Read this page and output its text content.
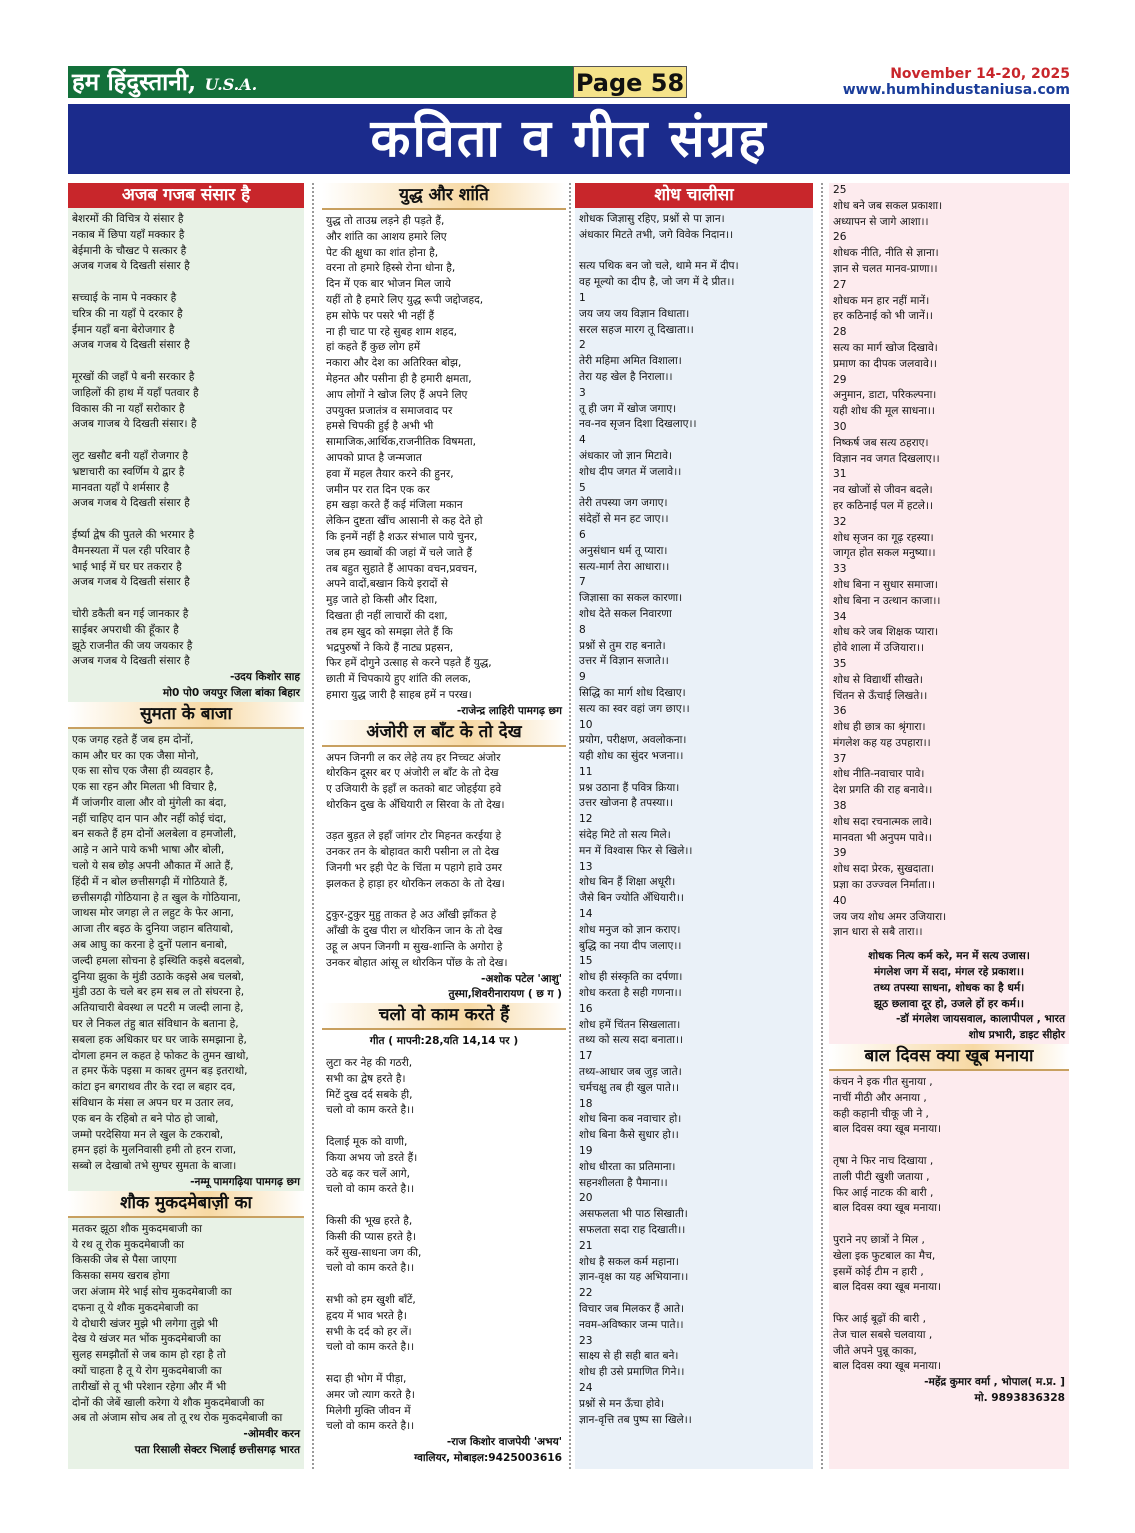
हम हिंदुस्तानी, U.S.A.	Page 58	November 14-20, 2025
www.humhindustaniusa.com
कविता व गीत संग्रह
अजब गजब संसार है
बेशरमों की विचित्र ये संसार है
नकाब में छिपा यहाँ मक्कार है
बेईमानी के चौखट पे सत्कार है
अजब गजब ये दिखती संसार है

सच्चाई के नाम पे नक्कार है
चरित्र की ना यहाँ पे दरकार है
ईमान यहाँ बना बेरोजगार है
अजब गजब ये दिखती संसार है

मूरखों की जहाँ पे बनी सरकार है
जाहिलों की हाथ में यहाँ पतवार है
विकास की ना यहाँ सरोकार है
अजब गाजब ये दिखती संसार। है

लुट खसौट बनी यहाँ रोजगार है
भ्रष्टाचारी का स्वर्णिम ये द्वार है
मानवता यहाँ पे शर्मसार है
अजब गजब ये दिखती संसार है

ईर्ष्या द्वेष की पुतले की भरमार है
वैमनस्यता में पल रही परिवार है
भाई भाई में घर घर तकरार है
अजब गजब ये दिखती संसार है

चोरी डकैती बन गई जानकार है
साईबर अपराधी की हूँकार है
झूठे राजनीत की जय जयकार है
अजब गजब ये दिखती संसार है
-उदय किशोर साह
मो0 पो0 जयपुर जिला बांका बिहार
सुमता के बाजा
एक जगह रहते हैं जब हम दोनों,
काम और घर का एक जैसा मोनो,
एक सा सोच एक जैसा ही व्यवहार है,
एक सा रहन और मिलता भी विचार है,
मैं जांजगीर वाला और वो मुंगेली का बंदा,
नहीं चाहिए दान पान और नहीं कोई चंदा,
बन सकते हैं हम दोनों अलबेला व हमजोली,
आड़े न आने पाये कभी भाषा और बोली,
चलो ये सब छोड़ अपनी औकात में आते हैं,
हिंदी में न बोल छत्तीसगढ़ी में गोठियाते हैं,
छत्तीसगढ़ी गोठियाना हे त खुल के गोठियाना,
जाथस मोर जगहा ले त लहुट के फेर आना,
आजा तीर बइठ के दुनिया जहान बतियाबो,
अब आघु का करना हे दुनों पलान बनाबो,
जल्दी हमला सोचना हे इस्थिति कइसे बदलबो,
दुनिया झुका के मुंडी उठाके कइसे अब चलबो,
मुंडी उठा के चले बर हम सब ल तो संघरना हे,
अतियाचारी बेवस्था ल पटरी म जल्दी लाना हे,
घर ले निकल तंहु बात संविधान के बताना हे,
सबला हक अधिकार घर घर जाके समझाना हे,
दोगला हमन ल कहत हे फोकट के तुमन खाथो,
त हमर फेंके पइसा म काबर तुमन बड़ इतराथो,
कांटा इन बगराथव तीर के रदा ल बहार दव,
संविधान के मंसा ल अपन घर म उतार लव,
एक बन के रहिबो त बने पोठ हो जाबो,
जम्मो परदेसिया मन ले खुल के टकराबो,
हमन इहां के मुलनिवासी हमी तो हरन राजा,
सब्बो ल देखाबो तभे सुग्घर सुमता के बाजा।
-नम्मू पामगढ़िया पामगढ़ छग
शौक मुकदमेबाज़ी का
मतकर झूठा शौक मुकदमबाजी का
ये रथ तू रोक मुकदमेबाजी का
किसकी जेब से पैसा जाएगा
किसका समय खराब होगा
जरा अंजाम मेरे भाई सोच मुकदमेबाजी का
दफना तू ये शौक मुकदमेबाजी का
ये दोधारी खंजर मुझे भी लगेगा तुझे भी
देख ये खंजर मत भोंक मुकदमेबाजी का
सुलह समझौतों से जब काम हो रहा है तो
क्यों चाहता है तू ये रोग मुकदमेबाजी का
तारीखों से तू भी परेशान रहेगा और मैं भी
दोनों की जेबें खाली करेगा ये शौक मुकदमेबाजी का
अब तो अंजाम सोच अब तो तू रथ रोक मुकदमेबाजी का
-ओमवीर करन
पता रिसाली सेक्टर भिलाई छत्तीसगढ़ भारत
युद्ध और शांति
युद्ध तो ताउम्र लड़ने ही पड़ते हैं,
और शांति का आशय हमारे लिए
पेट की क्षुधा का शांत होना है,
वरना तो हमारे हिस्से रोना धोना है,
दिन में एक बार भोजन मिल जाये
यहीं तो है हमारे लिए युद्ध रूपी जद्दोजहद,
हम सोफे पर पसरे भी नहीं हैं
ना ही चाट पा रहे सुबह शाम शहद,
हां कहते हैं कुछ लोग हमें
नकारा और देश का अतिरिक्त बोझ,
मेहनत और पसीना ही है हमारी क्षमता,
आप लोगों ने खोज लिए हैं अपने लिए
उपयुक्त प्रजातंत्र व समाजवाद पर
हमसे चिपकी हुई है अभी भी
सामाजिक,आर्थिक,राजनीतिक विषमता,
आपको प्राप्त है जन्मजात
हवा में महल तैयार करने की हुनर,
जमीन पर रात दिन एक कर
हम खड़ा करते हैं कई मंजिला मकान
लेकिन दुष्टता खींच आसानी से कह देते हो
कि इनमें नहीं है शऊर संभाल पाये चुनर,
जब हम ख्वाबों की जहां में चले जाते हैं
तब बहुत सुहाते हैं आपका वचन,प्रवचन,
अपने वादों,बखान किये इरादों से
मुड़ जाते हो किसी और दिशा,
दिखता ही नहीं लाचारों की दशा,
तब हम खुद को समझा लेते हैं कि
भद्रपुरुषों ने किये हैं नाट्य प्रहसन,
फिर हमें दोगुने उत्साह से करने पड़ते हैं युद्ध,
छाती में चिपकाये हुए शांति की ललक,
हमारा युद्ध जारी है साहब हमें न परख।
-राजेन्द्र लाहिरी पामगढ़ छग
अंजोरी ल बाँट के तो देख
अपन जिनगी ल कर लेहे तय हर निच्चट अंजोर
थोरकिन दूसर बर ए अंजोरी ल बाँट के तो देख
ए उजियारी के इहाँ ल कतको बाट जोहईया हवे
थोरकिन दुख के अँधियारी ल सिरवा के तो देख।

उड़त बुड़त ले इहाँ जांगर टोर मिहनत करईया हे
उनकर तन के बोहावत कारी पसीना ल तो देख
जिनगी भर इही पेट के चिंता म पहागे हावे उमर
झलकत हे हाड़ा हर थोरकिन लकठा के तो देख।

टुकुर-टुकुर मुहु ताकत हे अउ आँखी झाँकत हे
आँखी के दुख पीरा ल थोरकिन जान के तो देख
उहू ल अपन जिनगी म सुख-शान्ति के अगोरा हे
उनकर बोहात आंसू ल थोरकिन पोंछ के तो देख।
-अशोक पटेल 'आशु'
तुस्मा,शिवरीनारायण ( छ ग )
चलो वो काम करते हैं
गीत ( मापनी:28,यति 14,14 पर )
लुटा कर नेह की गठरी,
सभी का द्वेष हरते है।
मिटें दुख दर्द सबके ही,
चलो वो काम करते है।।

दिलाई मूक को वाणी,
किया अभय जो डरते हैं।
उठे बढ़ कर चलें आगे,
चलो वो काम करते है।।

किसी की भूख हरते है,
किसी की प्यास हरते है।
करें सुख-साधना जग की,
चलो वो काम करते है।।

सभी को हम खुशी बाँटें,
हृदय में भाव भरते है।
सभी के दर्द को हर लें।
चलो वो काम करते है।।

सदा ही भोग में पीड़ा,
अमर जो त्याग करते है।
मिलेगी मुक्ति जीवन में
चलो वो काम करते है।।
-राज किशोर वाजपेयी 'अभय'
ग्वालियर, मोबाइल:9425003616
शोध चालीसा
शोधक जिज्ञासु रहिए, प्रश्नों से पा ज्ञान।
अंधकार मिटते तभी, जगे विवेक निदान।।

सत्य पथिक बन जो चले, थामे मन में दीप।
वह मूल्यो का दीप है, जो जग में दे प्रीत।।
1
जय जय जय विज्ञान विधाता।
सरल सहज मारग तू दिखाता।।
2
तेरी महिमा अमित विशाला।
तेरा यह खेल है निराला।।
3
तू ही जग में खोज जगाए।
नव-नव सृजन दिशा दिखलाए।।
4
अंधकार जो ज्ञान मिटावे।
शोध दीप जगत में जलावे।।
5
तेरी तपस्या जग जगाए।
संदेहों से मन हट जाए।।
6
अनुसंधान धर्म तू प्यारा।
सत्य-मार्ग तेरा आधारा।।
7
जिज्ञासा का सकल कारणा।
शोध देते सकल निवारणा
8
प्रश्नों से तुम राह बनाते।
उत्तर में विज्ञान सजाते।।
9
सिद्धि का मार्ग शोध दिखाए।
सत्य का स्वर वहां जग छाए।।
10
प्रयोग, परीक्षण, अवलोकना।
यही शोध का सुंदर भजना।।
11
प्रश्न उठाना हैं पवित्र क्रिया।
उत्तर खोजना है तपस्या।।
12
संदेह मिटे तो सत्य मिले।
मन में विश्वास फिर से खिले।।
13
शोध बिन हैं शिक्षा अधूरी।
जैसे बिन ज्योति अँधियारी।।
14
शोध मनुज को ज्ञान कराए।
बुद्धि का नया दीप जलाए।।
15
शोध ही संस्कृति का दर्पणा।
शोध करता है सही गणना।।
16
शोध हमें चिंतन सिखलाता।
तथ्य को सत्य सदा बनाता।।
17
तथ्य-आधार जब जुड़ जाते।
चर्मचक्षु तब ही खुल पाते।।
18
शोध बिना कब नवाचार हो।
शोध बिना कैसे सुधार हो।।
19
शोध धीरता का प्रतिमाना।
सहनशीलता है पैमाना।।
20
असफलता भी पाठ सिखाती।
सफलता सदा राह दिखाती।।
21
शोध है सकल कर्म महाना।
ज्ञान-वृक्ष का यह अभियाना।।
22
विचार जब मिलकर हैं आते।
नवम-अविष्कार जन्म पाते।।
23
साक्ष्य से ही सही बात बने।
शोध ही उसे प्रमाणित गिने।।
24
प्रश्नों से मन ऊँचा होवे।
ज्ञान-वृत्ति तब पुष्प सा खिले।।
25
शोध बने जब सकल प्रकाशा।
अध्यापन से जागे आशा।।
26
शोधक नीति, नीति से ज्ञाना।
ज्ञान से चलत मानव-प्राणा।।
27
शोधक मन हार नहीं मानें।
हर कठिनाई को भी जानें।।
28
सत्य का मार्ग खोज दिखावे।
प्रमाण का दीपक जलवावे।।
29
अनुमान, डाटा, परिकल्पना।
यही शोध की मूल साधना।।
30
निष्कर्ष जब सत्य ठहराए।
विज्ञान नव जगत दिखलाए।।
31
नव खोजों से जीवन बदले।
हर कठिनाई पल में हटले।।
32
शोध सृजन का गूढ़ रहस्या।
जागृत होत सकल मनुष्या।।
33
शोध बिना न सुधार समाजा।
शोध बिना न उत्थान काजा।।
34
शोध करे जब शिक्षक प्यारा।
होवे शाला में उजियारा।।
35
शोध से विद्यार्थी सीखते।
चिंतन से ऊँचाई लिखते।।
36
शोध ही छात्र का श्रृंगारा।
मंगलेश कह यह उपहारा।।
37
शोध नीति-नवाचार पावे।
देश प्रगति की राह बनावे।।
38
शोध सदा रचनात्मक लावे।
मानवता भी अनुपम पावे।।
39
शोध सदा प्रेरक, सुखदाता।
प्रज्ञा का उज्ज्वल निर्माता।।
40
जय जय शोध अमर उजियारा।
ज्ञान धारा से सबै तारा।।
शोधक नित्य कर्म करे, मन में सत्य उजास।
मंगलेश जग में सदा, मंगल रहे प्रकाश।।
तथ्य तपस्या साधना, शोधक का है धर्म।
झूठ छलावा दूर हो, उजले हों हर कर्म।।
-डॉ मंगलेश जायसवाल, कालापीपल , भारत
शोध प्रभारी, डाइट सीहोर
बाल दिवस क्या खूब मनाया
कंचन ने इक गीत सुनाया ,
नाचीं मीठी और अनाया ,
कही कहानी चीकू जी ने ,
बाल दिवस क्या खूब मनाया।

तृषा ने फिर नाच दिखाया ,
ताली पीटी खुशी जताया ,
फिर आई नाटक की बारी ,
बाल दिवस क्या खूब मनाया।

पुराने नए छात्रों ने मिल ,
खेला इक फुटबाल का मैच,
इसमें कोई टीम न हारी ,
बाल दिवस क्या खूब मनाया।

फिर आई बूढ़ों की बारी ,
तेज चाल सबसे चलवाया ,
जीते अपने पुन्नू काका,
बाल दिवस क्या खूब मनाया।
-महेंद्र कुमार वर्मा , भोपाल( म.प्र. ]
मो. 9893836328
